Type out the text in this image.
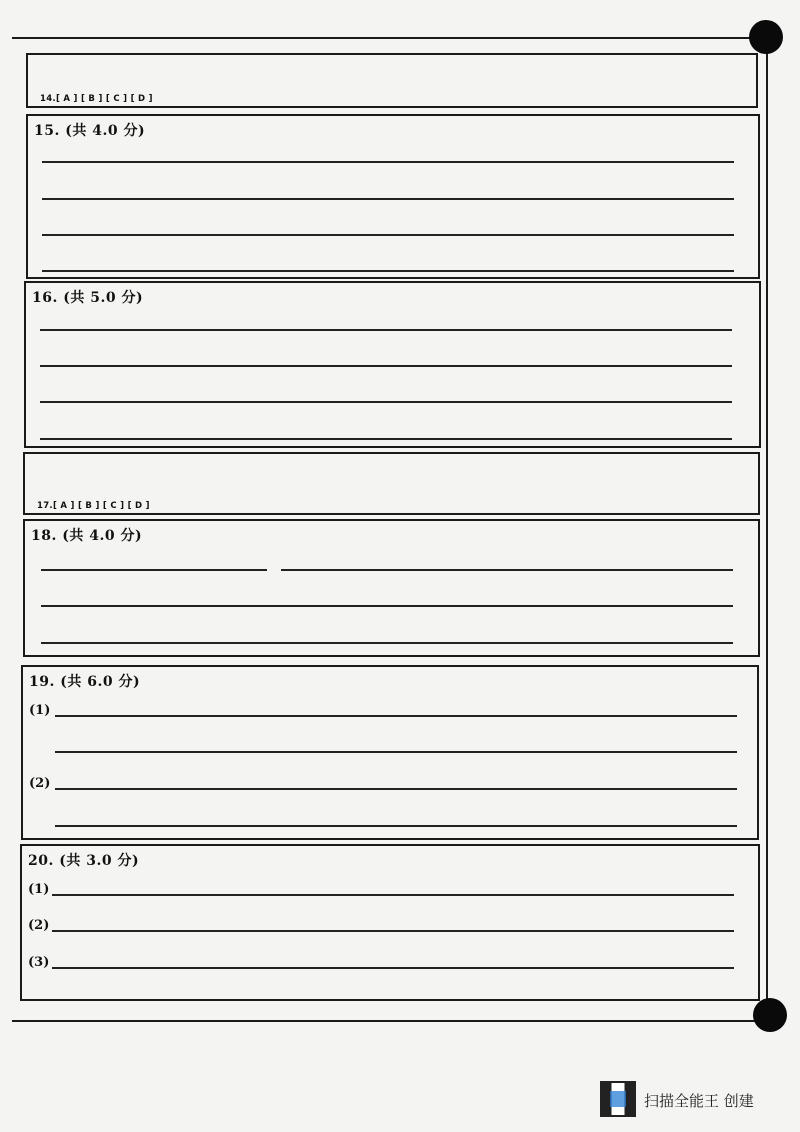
14.[ A ] [ B ] [ C ] [ D ]
15. (共 4.0 分)
16. (共 5.0 分)
17.[ A ] [ B ] [ C ] [ D ]
18. (共 4.0 分)
19. (共 6.0 分)
(1)
(2)
20. (共 3.0 分)
(1)
(2)
(3)
扫描全能王 创建
